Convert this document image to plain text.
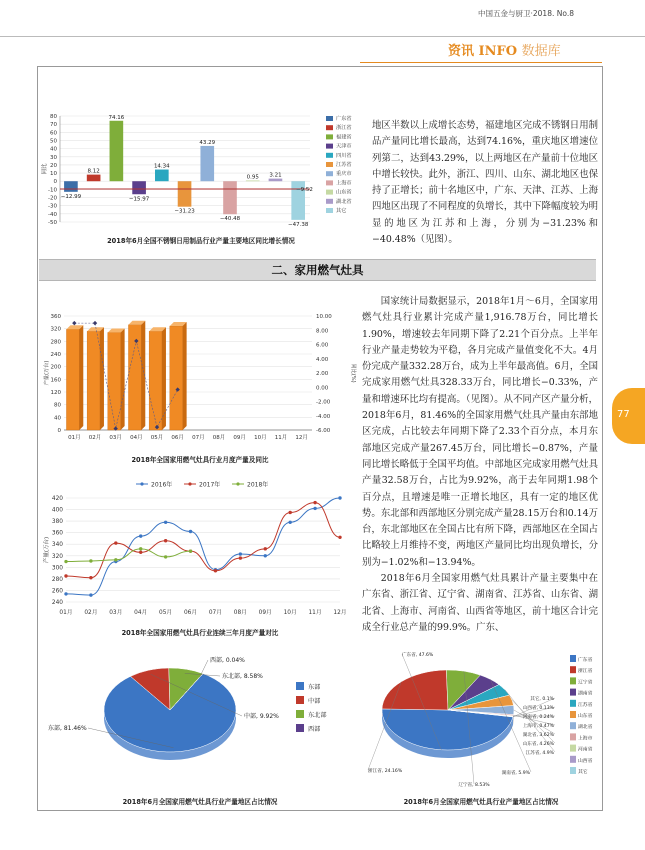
中国五金与厨卫·2018. No.8
资讯 INFO 数据库
77
80
70
60
50
40
30
20
10
0
-10
-20
-30
-40
-50
同比
−12.99
8.12
74.16
−15.97
14.34
−31.23
43.29
−40.48
0.95 3.21
−47.38
−9.52
广东省
浙江省
福建省
天津市
四川省
江苏省
重庆市
上海市
山东省
湖北省
其它
2018年6月全国不锈钢日用制品行业产量主要地区同比增长情况

地区半数以上成增长态势，福建地区完成不锈钢日用制品产量同比增长最高，达到74.16%，重庆地区增速位列第二，达到43.29%，以上两地区在产量前十位地区中增长较快。此外，浙江、四川、山东、湖北地区也保持了正增长；前十名地区中，广东、天津、江苏、上海四地区出现了不同程度的负增长，其中下降幅度较为明显的地区为江苏和上海，分别为−31.23%和−40.48%（见图）。

二、家用燃气灶具
360
320
280
240
200
160
120
80
40
0
10.00
8.00
6.00
4.00
2.00
0.00
-2.00
-4.00
-6.00
产量(万台)	同比(%)
01月 02月 03月 04月 05月 06月 07月 08月 09月 10月 11月 12月
2018年全国家用燃气灶具行业月度产量及同比
420
400
380
360
340
320
300
280
260
240
产量(万台)
01月 02月 03月 04月 05月 06月 07月 08月 09月 10月 11月 12月
2016年	2017年	2018年
2018年全国家用燃气灶具行业连续三年月度产量对比

国家统计局数据显示，2018年1月～6月，全国家用燃气灶具行业累计完成产量1,916.78万台，同比增长1.90%，增速较去年同期下降了2.21个百分点。上半年行业产量走势较为平稳，各月完成产量值变化不大。4月份完成产量332.28万台，成为上半年最高值。6月，全国完成家用燃气灶具328.33万台，同比增长−0.33%，产量和增速环比均有提高。（见图）。从不同产区产量分析，2018年6月，81.46%的全国家用燃气灶具产量由东部地区完成，占比较去年同期下降了2.33个百分点，本月东部地区完成产量267.45万台，同比增长−0.87%，产量同比增长略低于全国平均值。中部地区完成家用燃气灶具产量32.58万台，占比为9.92%，高于去年同期1.98个百分点，且增速是唯一正增长地区，具有一定的地区优势。东北部和西部地区分别完成产量28.15万台和0.14万台，东北部地区在全国占比有所下降，西部地区在全国占比略较上月维持不变，两地区产量同比均出现负增长，分别为−1.02%和−13.94%。

2018年6月全国家用燃气灶具累计产量主要集中在广东省、浙江省、辽宁省、湖南省、江苏省、山东省、湖北省、上海市、河南省、山西省等地区，前十地区合计完成全行业总产量的99.9%。广东、

东部, 81.46%
中部, 9.92%
东北部, 8.58%
西部, 0.04%
东部
中部
东北部
西部
2018年6月全国家用燃气灶具行业产量地区占比情况
广东省, 47.6%
浙江省, 24.16%
辽宁省, 8.53%
湖南省, 5.9%
江苏省, 4.9%
山东省, 4.26%
湖北省, 3.62%
上海市, 0.47%
河南省, 0.24%
山西省, 0.13%
其它, 0.1%
广东省
浙江省
辽宁省
湖南省
江苏省
山东省
湖北省
上海市
河南省
山西省
其它
2018年6月全国家用燃气灶具行业产量地区占比情况
